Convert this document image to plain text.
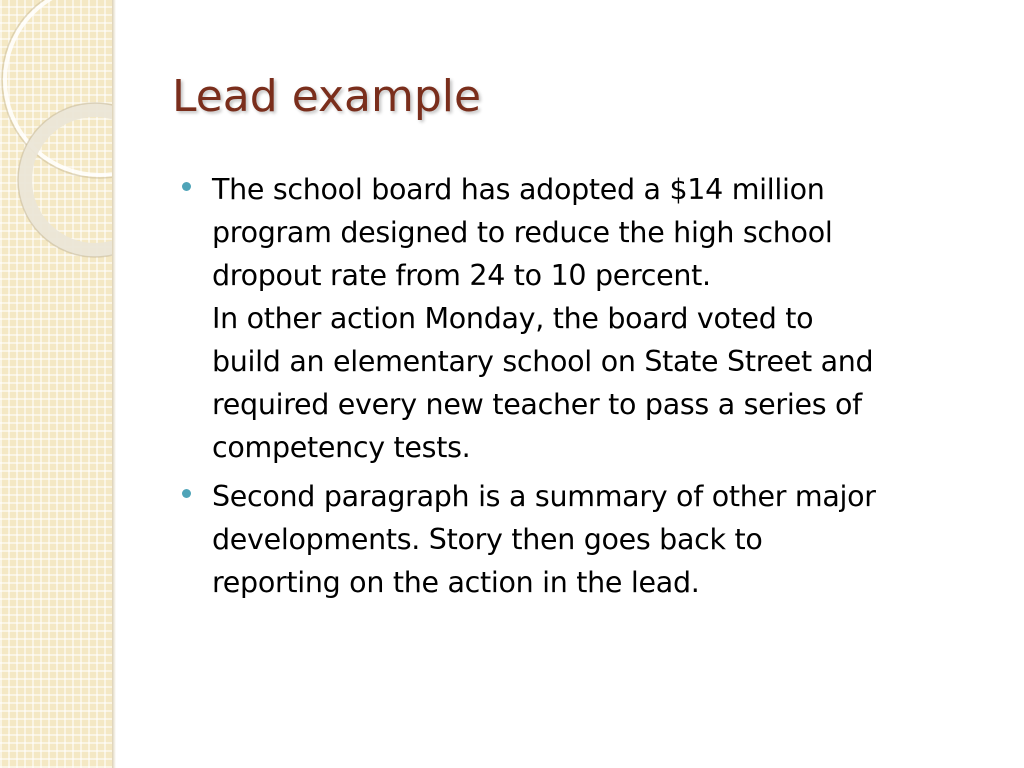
Lead example
The school board has adopted a $14 million
program designed to reduce the high school
dropout rate from 24 to 10 percent.
In other action Monday, the board voted to
build an elementary school on State Street and
required every new teacher to pass a series of
competency tests.
Second paragraph is a summary of other major
developments. Story then goes back to
reporting on the action in the lead.
